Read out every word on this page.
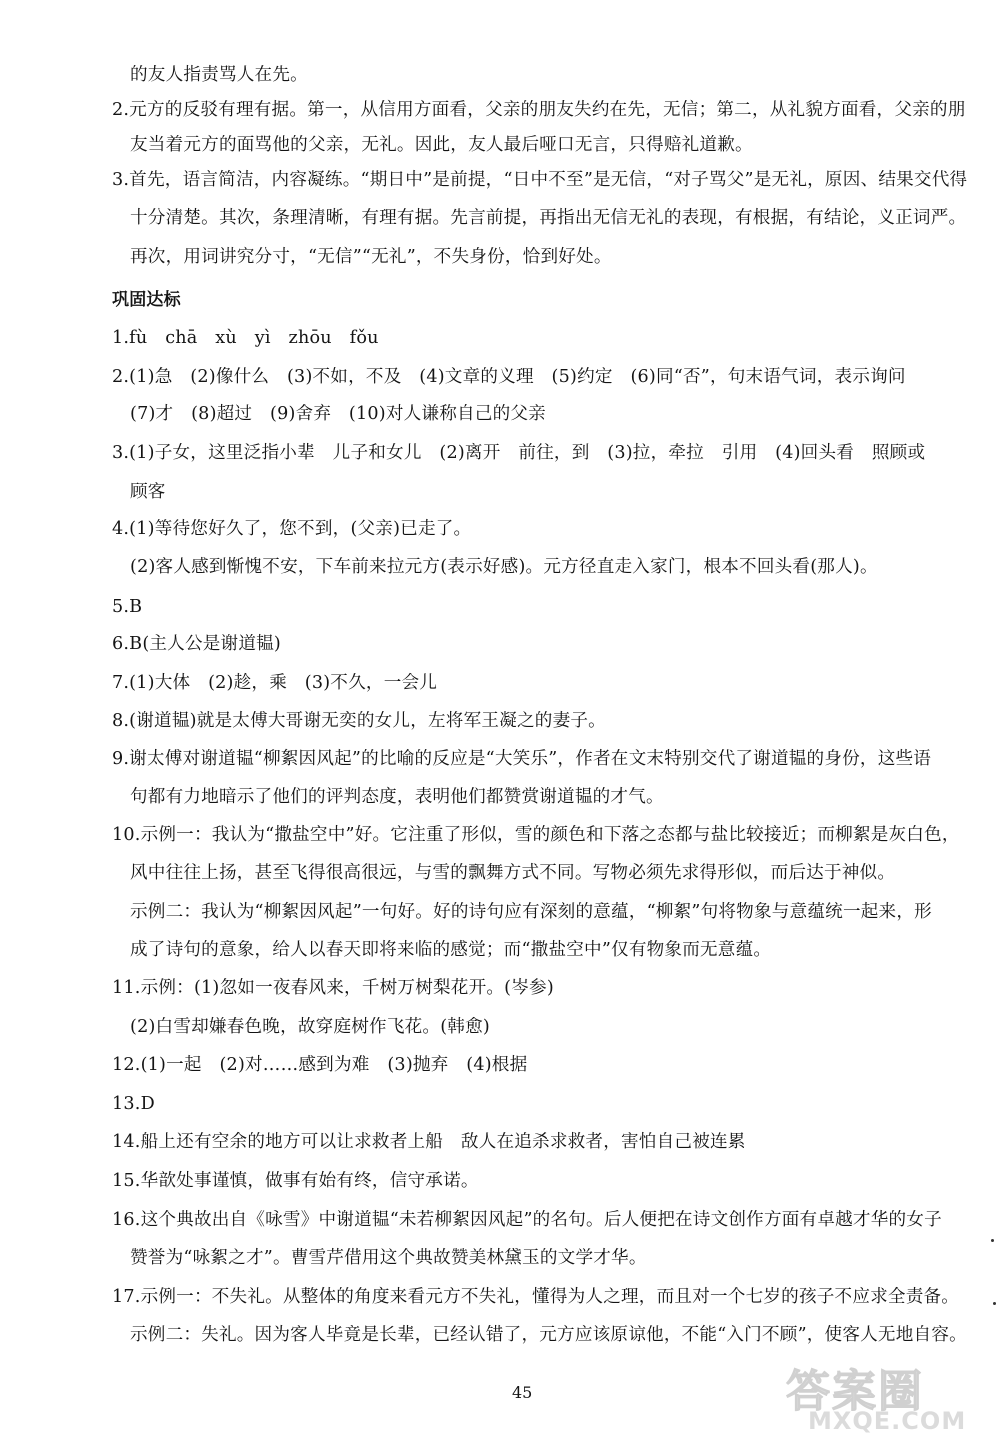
的友人指责骂人在先。
2.元方的反驳有理有据。第一，从信用方面看，父亲的朋友失约在先，无信；第二，从礼貌方面看，父亲的朋
友当着元方的面骂他的父亲，无礼。因此，友人最后哑口无言，只得赔礼道歉。
3.首先，语言简洁，内容凝练。“期日中”是前提，“日中不至”是无信，“对子骂父”是无礼，原因、结果交代得
十分清楚。其次，条理清晰，有理有据。先言前提，再指出无信无礼的表现，有根据，有结论，义正词严。
再次，用词讲究分寸，“无信”“无礼”，不失身份，恰到好处。
巩固达标
1.fù　chā　xù　yì　zhōu　fǒu
2.(1)急　(2)像什么　(3)不如，不及　(4)文章的义理　(5)约定　(6)同“否”，句末语气词，表示询问
(7)才　(8)超过　(9)舍弃　(10)对人谦称自己的父亲
3.(1)子女，这里泛指小辈　儿子和女儿　(2)离开　前往，到　(3)拉，牵拉　引用　(4)回头看　照顾或
顾客
4.(1)等待您好久了，您不到，(父亲)已走了。
(2)客人感到惭愧不安，下车前来拉元方(表示好感)。元方径直走入家门，根本不回头看(那人)。
5.B
6.B(主人公是谢道韫)
7.(1)大体　(2)趁，乘　(3)不久，一会儿
8.(谢道韫)就是太傅大哥谢无奕的女儿，左将军王凝之的妻子。
9.谢太傅对谢道韫“柳絮因风起”的比喻的反应是“大笑乐”，作者在文末特别交代了谢道韫的身份，这些语
句都有力地暗示了他们的评判态度，表明他们都赞赏谢道韫的才气。
10.示例一：我认为“撒盐空中”好。它注重了形似，雪的颜色和下落之态都与盐比较接近；而柳絮是灰白色，
风中往往上扬，甚至飞得很高很远，与雪的飘舞方式不同。写物必须先求得形似，而后达于神似。
示例二：我认为“柳絮因风起”一句好。好的诗句应有深刻的意蕴，“柳絮”句将物象与意蕴统一起来，形
成了诗句的意象，给人以春天即将来临的感觉；而“撒盐空中”仅有物象而无意蕴。
11.示例：(1)忽如一夜春风来，千树万树梨花开。(岑参)
(2)白雪却嫌春色晚，故穿庭树作飞花。(韩愈)
12.(1)一起　(2)对……感到为难　(3)抛弃　(4)根据
13.D
14.船上还有空余的地方可以让求救者上船　敌人在追杀求救者，害怕自己被连累
15.华歆处事谨慎，做事有始有终，信守承诺。
16.这个典故出自《咏雪》中谢道韫“未若柳絮因风起”的名句。后人便把在诗文创作方面有卓越才华的女子
赞誉为“咏絮之才”。曹雪芹借用这个典故赞美林黛玉的文学才华。
17.示例一：不失礼。从整体的角度来看元方不失礼，懂得为人之理，而且对一个七岁的孩子不应求全责备。
示例二：失礼。因为客人毕竟是长辈，已经认错了，元方应该原谅他，不能“入门不顾”，使客人无地自容。
45	答案圈
MXQE.COM
